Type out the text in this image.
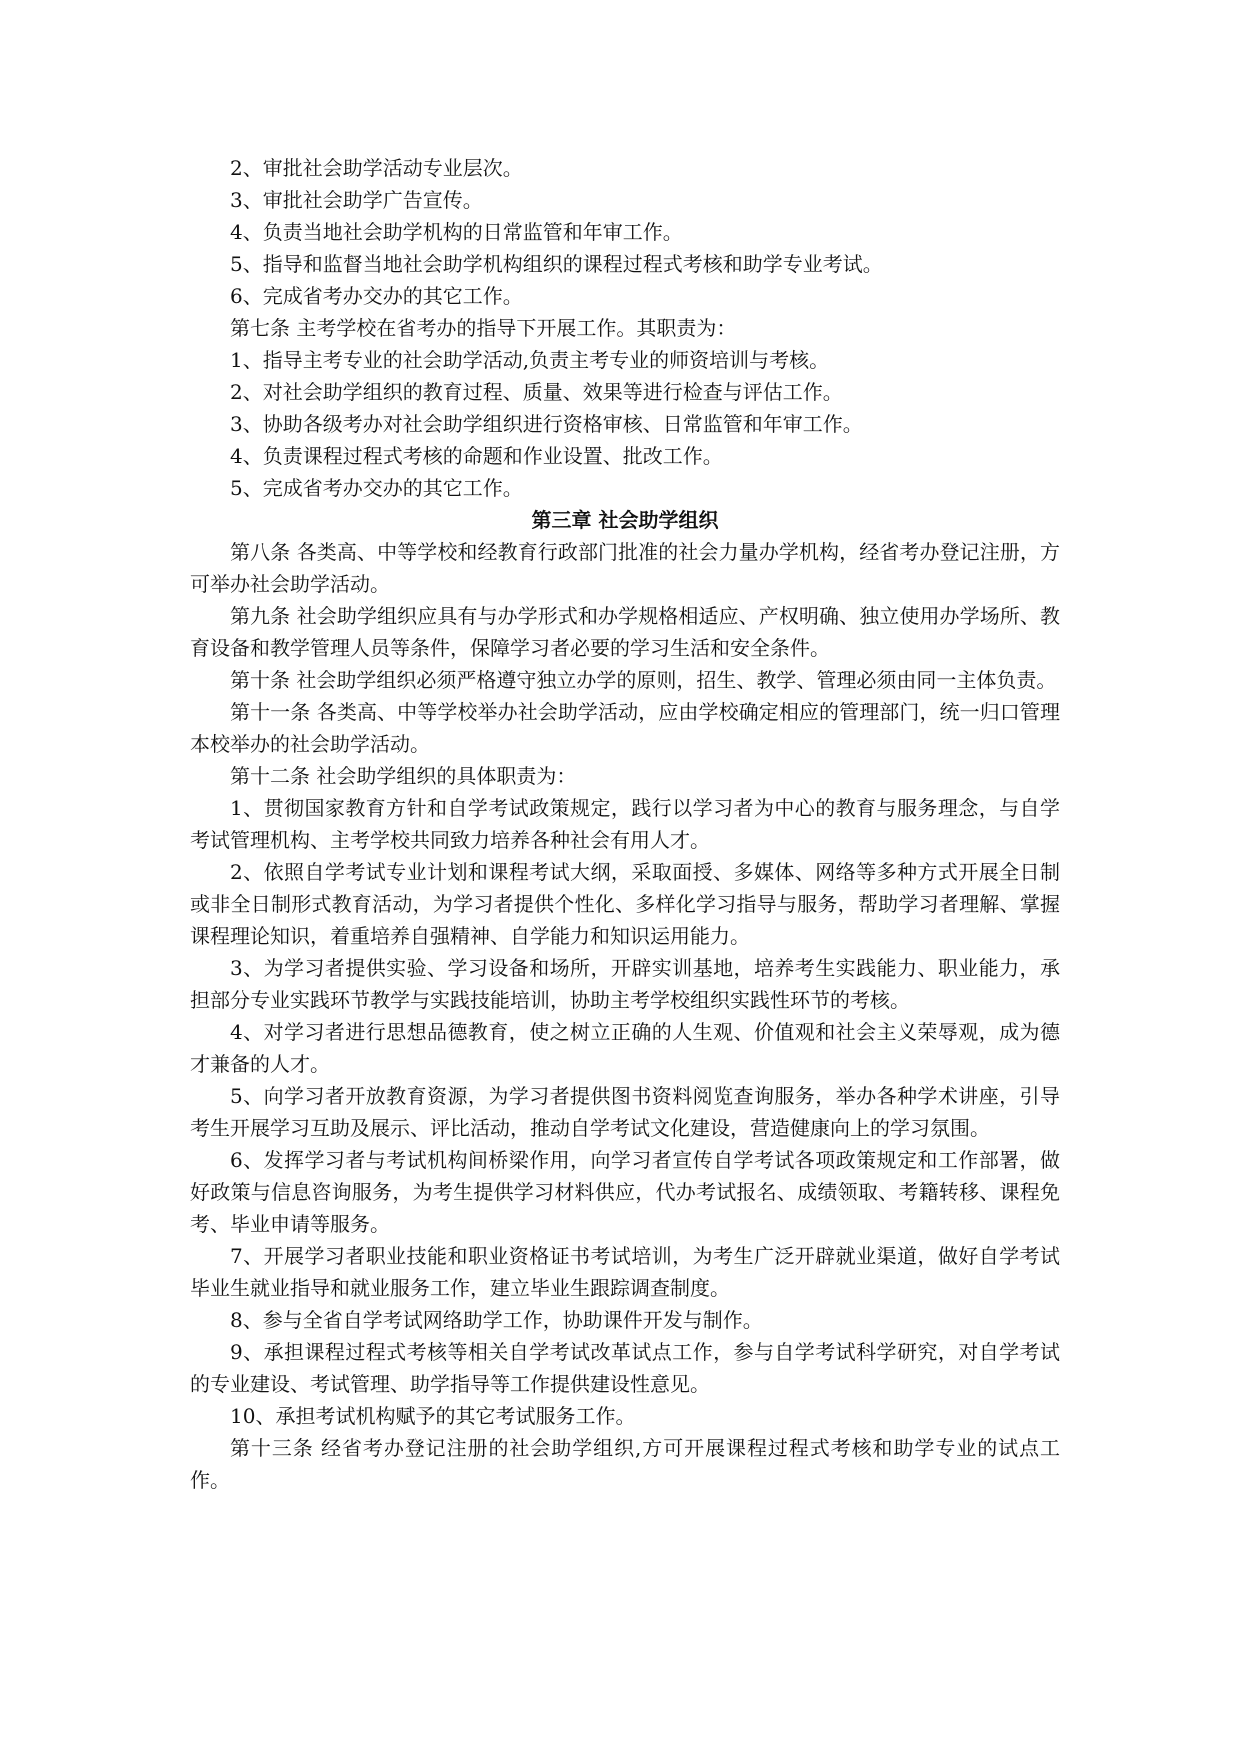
2、审批社会助学活动专业层次。

3、审批社会助学广告宣传。

4、负责当地社会助学机构的日常监管和年审工作。

5、指导和监督当地社会助学机构组织的课程过程式考核和助学专业考试。

6、完成省考办交办的其它工作。

第七条 主考学校在省考办的指导下开展工作。其职责为：

1、指导主考专业的社会助学活动,负责主考专业的师资培训与考核。

2、对社会助学组织的教育过程、质量、效果等进行检查与评估工作。

3、协助各级考办对社会助学组织进行资格审核、日常监管和年审工作。

4、负责课程过程式考核的命题和作业设置、批改工作。

5、完成省考办交办的其它工作。

第三章 社会助学组织

第八条 各类高、中等学校和经教育行政部门批准的社会力量办学机构，经省考办登记注册，方可举办社会助学活动。

第九条 社会助学组织应具有与办学形式和办学规格相适应、产权明确、独立使用办学场所、教育设备和教学管理人员等条件，保障学习者必要的学习生活和安全条件。

第十条 社会助学组织必须严格遵守独立办学的原则，招生、教学、管理必须由同一主体负责。

第十一条 各类高、中等学校举办社会助学活动，应由学校确定相应的管理部门，统一归口管理本校举办的社会助学活动。

第十二条 社会助学组织的具体职责为：

1、贯彻国家教育方针和自学考试政策规定，践行以学习者为中心的教育与服务理念，与自学考试管理机构、主考学校共同致力培养各种社会有用人才。

2、依照自学考试专业计划和课程考试大纲，采取面授、多媒体、网络等多种方式开展全日制或非全日制形式教育活动，为学习者提供个性化、多样化学习指导与服务，帮助学习者理解、掌握课程理论知识，着重培养自强精神、自学能力和知识运用能力。

3、为学习者提供实验、学习设备和场所，开辟实训基地，培养考生实践能力、职业能力，承担部分专业实践环节教学与实践技能培训，协助主考学校组织实践性环节的考核。

4、对学习者进行思想品德教育，使之树立正确的人生观、价值观和社会主义荣辱观，成为德才兼备的人才。

5、向学习者开放教育资源，为学习者提供图书资料阅览查询服务，举办各种学术讲座，引导考生开展学习互助及展示、评比活动，推动自学考试文化建设，营造健康向上的学习氛围。

6、发挥学习者与考试机构间桥梁作用，向学习者宣传自学考试各项政策规定和工作部署，做好政策与信息咨询服务，为考生提供学习材料供应，代办考试报名、成绩领取、考籍转移、课程免考、毕业申请等服务。

7、开展学习者职业技能和职业资格证书考试培训，为考生广泛开辟就业渠道，做好自学考试毕业生就业指导和就业服务工作，建立毕业生跟踪调查制度。

8、参与全省自学考试网络助学工作，协助课件开发与制作。

9、承担课程过程式考核等相关自学考试改革试点工作，参与自学考试科学研究，对自学考试的专业建设、考试管理、助学指导等工作提供建设性意见。

10、承担考试机构赋予的其它考试服务工作。

第十三条 经省考办登记注册的社会助学组织,方可开展课程过程式考核和助学专业的试点工作。
